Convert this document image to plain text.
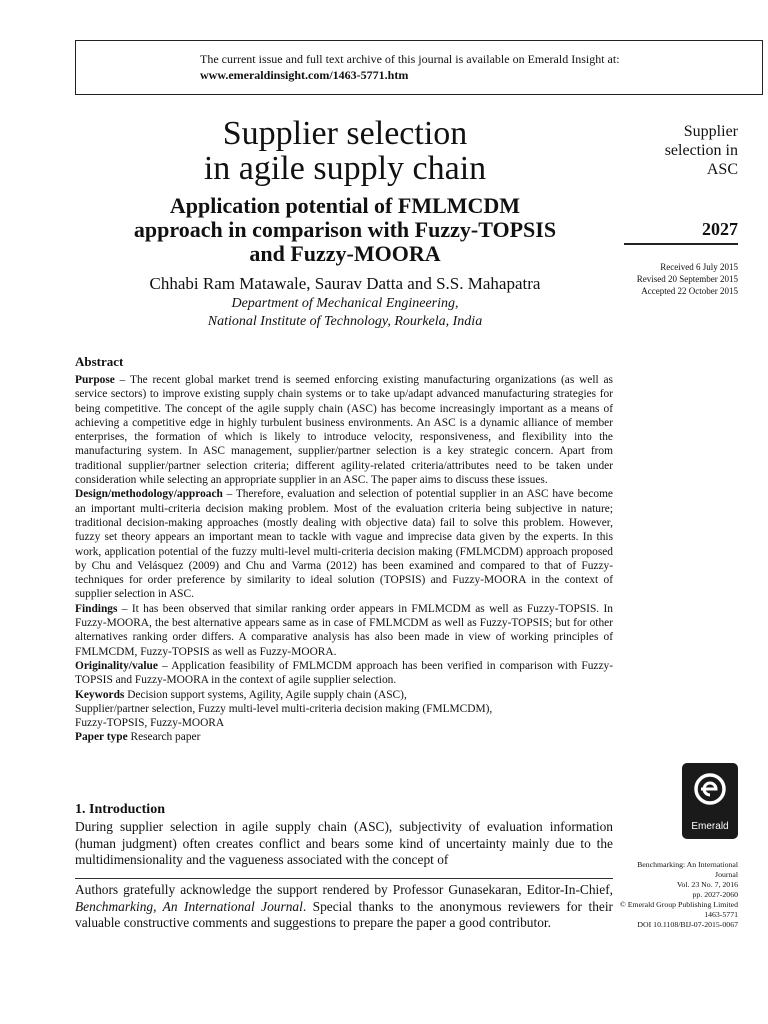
The current issue and full text archive of this journal is available on Emerald Insight at:
www.emeraldinsight.com/1463-5771.htm
Supplier selection
in agile supply chain
Application potential of FMLMCDM
approach in comparison with Fuzzy-TOPSIS
and Fuzzy-MOORA
Chhabi Ram Matawale, Saurav Datta and S.S. Mahapatra
Department of Mechanical Engineering,
National Institute of Technology, Rourkela, India
Supplier
selection in
ASC
2027
Received 6 July 2015
Revised 20 September 2015
Accepted 22 October 2015
Abstract

Purpose – The recent global market trend is seemed enforcing existing manufacturing organizations (as well as service sectors) to improve existing supply chain systems or to take up/adapt advanced manufacturing strategies for being competitive. The concept of the agile supply chain (ASC) has become increasingly important as a means of achieving a competitive edge in highly turbulent business environments. An ASC is a dynamic alliance of member enterprises, the formation of which is likely to introduce velocity, responsiveness, and flexibility into the manufacturing system. In ASC management, supplier/partner selection is a key strategic concern. Apart from traditional supplier/partner selection criteria; different agility-related criteria/attributes need to be taken under consideration while selecting an appropriate supplier in an ASC. The paper aims to discuss these issues.

Design/methodology/approach – Therefore, evaluation and selection of potential supplier in an ASC have become an important multi-criteria decision making problem. Most of the evaluation criteria being subjective in nature; traditional decision-making approaches (mostly dealing with objective data) fail to solve this problem. However, fuzzy set theory appears an important mean to tackle with vague and imprecise data given by the experts. In this work, application potential of the fuzzy multi-level multi-criteria decision making (FMLMCDM) approach proposed by Chu and Velásquez (2009) and Chu and Varma (2012) has been examined and compared to that of Fuzzy-techniques for order preference by similarity to ideal solution (TOPSIS) and Fuzzy-MOORA in the context of supplier selection in ASC.

Findings – It has been observed that similar ranking order appears in FMLMCDM as well as Fuzzy-TOPSIS. In Fuzzy-MOORA, the best alternative appears same as in case of FMLMCDM as well as Fuzzy-TOPSIS; but for other alternatives ranking order differs. A comparative analysis has also been made in view of working principles of FMLMCDM, Fuzzy-TOPSIS as well as Fuzzy-MOORA.

Originality/value – Application feasibility of FMLMCDM approach has been verified in comparison with Fuzzy-TOPSIS and Fuzzy-MOORA in the context of agile supplier selection.

Keywords Decision support systems, Agility, Agile supply chain (ASC),
Supplier/partner selection, Fuzzy multi-level multi-criteria decision making (FMLMCDM),
Fuzzy-TOPSIS, Fuzzy-MOORA

Paper type Research paper

1. Introduction
During supplier selection in agile supply chain (ASC), subjectivity of evaluation information (human judgment) often creates conflict and bears some kind of uncertainty mainly due to the multidimensionality and the vagueness associated with the concept of
Authors gratefully acknowledge the support rendered by Professor Gunasekaran, Editor-In-Chief, Benchmarking, An International Journal. Special thanks to the anonymous reviewers for their valuable constructive comments and suggestions to prepare the paper a good contributor.
Emerald
Benchmarking: An International
Journal
Vol. 23 No. 7, 2016
pp. 2027-2060
© Emerald Group Publishing Limited
1463-5771
DOI 10.1108/BIJ-07-2015-0067
